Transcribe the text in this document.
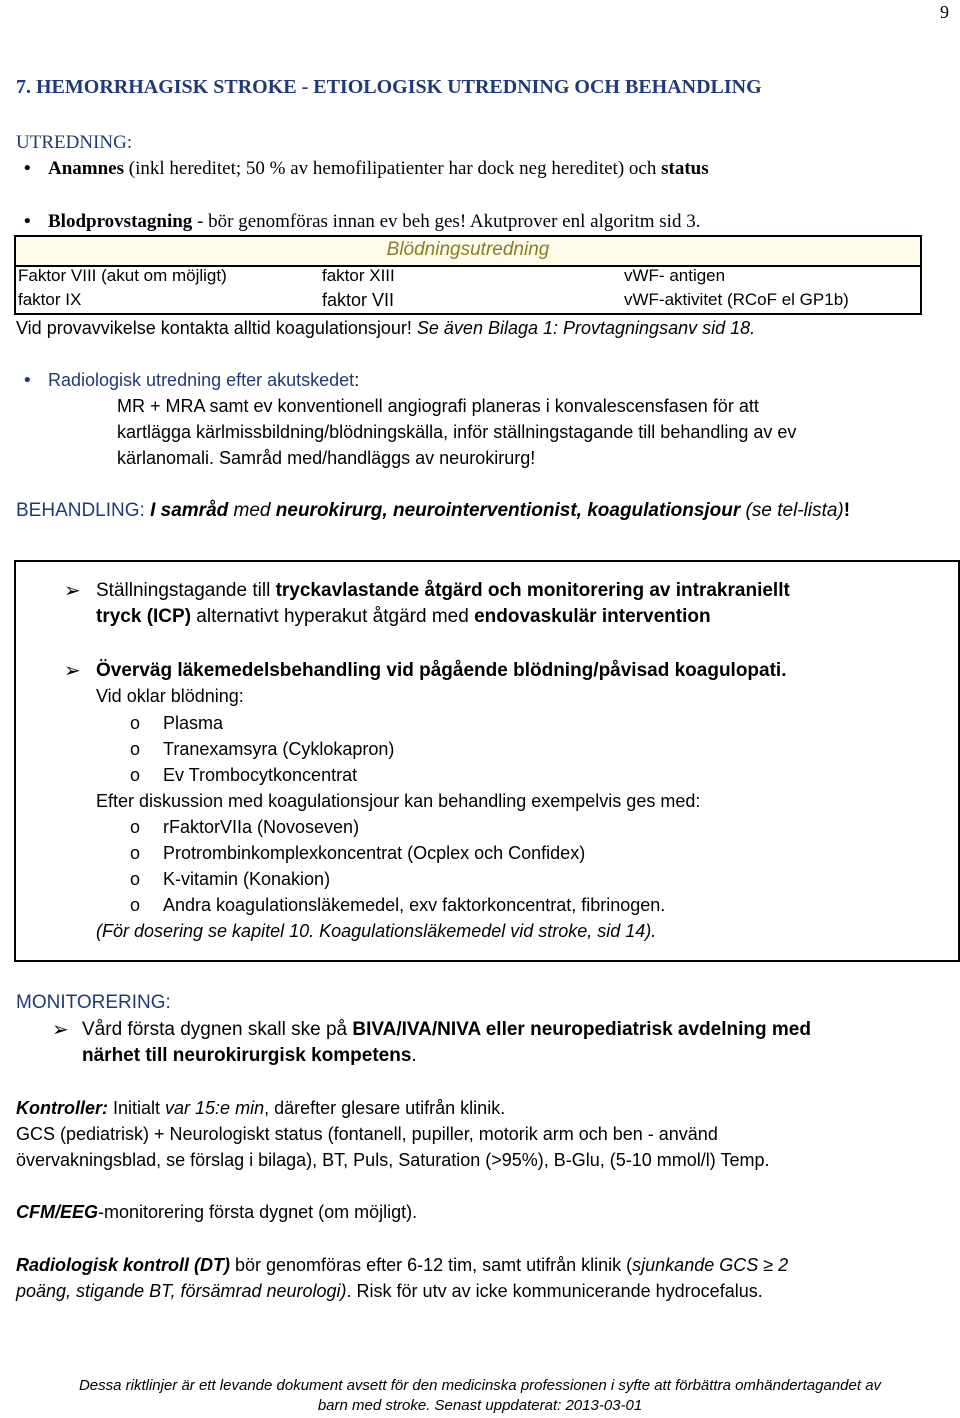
9
7. HEMORRHAGISK STROKE - ETIOLOGISK UTREDNING OCH BEHANDLING
UTREDNING:
• Anamnes (inkl hereditet; 50 % av hemofilipatienter har dock neg hereditet) och status
• Blodprovstagning - bör genomföras innan ev beh ges! Akutprover enl algoritm sid 3.
Blödningsutredning
Faktor VIII (akut om möjligt)	faktor XIII	vWF- antigen
faktor IX	faktor VII	vWF-aktivitet (RCoF el GP1b)
Vid provavvikelse kontakta alltid koagulationsjour! Se även Bilaga 1: Provtagningsanv sid 18.
• Radiologisk utredning efter akutskedet:
MR + MRA samt ev konventionell angiografi planeras i konvalescensfasen för att
kartlägga kärlmissbildning/blödningskälla, inför ställningstagande till behandling av ev
kärlanomali. Samråd med/handläggs av neurokirurg!
BEHANDLING: I samråd med neurokirurg, neurointerventionist, koagulationsjour (se tel-lista)!
➢ Ställningstagande till tryckavlastande åtgärd och monitorering av intrakraniellt
tryck (ICP) alternativt hyperakut åtgärd med endovaskulär intervention
➢ Överväg läkemedelsbehandling vid pågående blödning/påvisad koagulopati.
Vid oklar blödning:
o Plasma
o Tranexamsyra (Cyklokapron)
o Ev Trombocytkoncentrat
Efter diskussion med koagulationsjour kan behandling exempelvis ges med:
o rFaktorVIIa (Novoseven)
o Protrombinkomplexkoncentrat (Ocplex och Confidex)
o K-vitamin (Konakion)
o Andra koagulationsläkemedel, exv faktorkoncentrat, fibrinogen.
(För dosering se kapitel 10. Koagulationsläkemedel vid stroke, sid 14).
MONITORERING:
➢ Vård första dygnen skall ske på BIVA/IVA/NIVA eller neuropediatrisk avdelning med
närhet till neurokirurgisk kompetens.
Kontroller: Initialt var 15:e min, därefter glesare utifrån klinik.
GCS (pediatrisk) + Neurologiskt status (fontanell, pupiller, motorik arm och ben - använd
övervakningsblad, se förslag i bilaga), BT, Puls, Saturation (>95%), B-Glu, (5-10 mmol/l) Temp.
CFM/EEG-monitorering första dygnet (om möjligt).
Radiologisk kontroll (DT) bör genomföras efter 6-12 tim, samt utifrån klinik (sjunkande GCS ≥ 2
poäng, stigande BT, försämrad neurologi). Risk för utv av icke kommunicerande hydrocefalus.
Dessa riktlinjer är ett levande dokument avsett för den medicinska professionen i syfte att förbättra omhändertagandet av
barn med stroke. Senast uppdaterat: 2013-03-01
